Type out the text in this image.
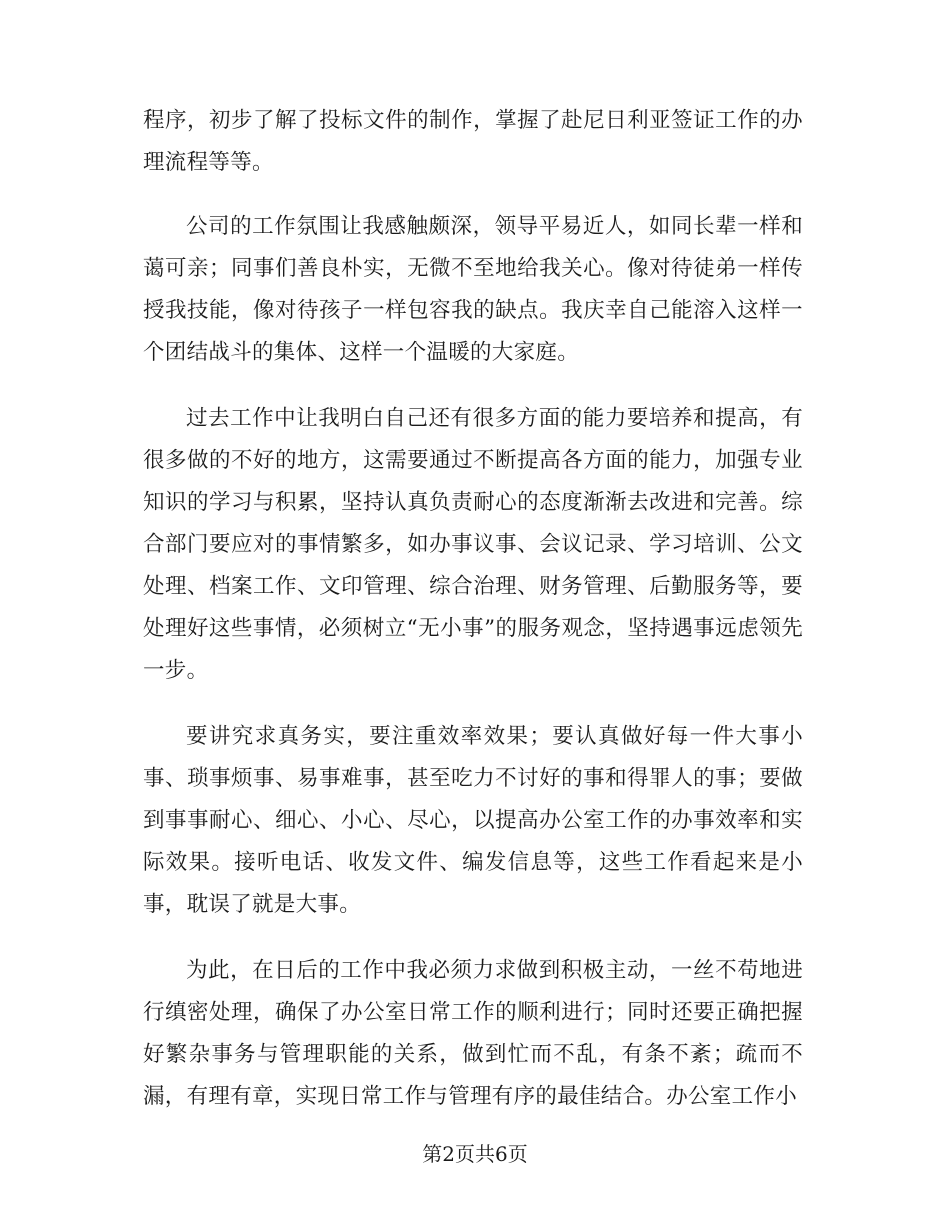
程序，初步了解了投标文件的制作，掌握了赴尼日利亚签证工作的办理流程等等。

公司的工作氛围让我感触颇深，领导平易近人，如同长辈一样和蔼可亲；同事们善良朴实，无微不至地给我关心。像对待徒弟一样传授我技能，像对待孩子一样包容我的缺点。我庆幸自己能溶入这样一个团结战斗的集体、这样一个温暖的大家庭。

过去工作中让我明白自己还有很多方面的能力要培养和提高，有很多做的不好的地方，这需要通过不断提高各方面的能力，加强专业知识的学习与积累，坚持认真负责耐心的态度渐渐去改进和完善。综合部门要应对的事情繁多，如办事议事、会议记录、学习培训、公文处理、档案工作、文印管理、综合治理、财务管理、后勤服务等，要处理好这些事情，必须树立“无小事”的服务观念，坚持遇事远虑领先一步。

要讲究求真务实，要注重效率效果；要认真做好每一件大事小事、琐事烦事、易事难事，甚至吃力不讨好的事和得罪人的事；要做到事事耐心、细心、小心、尽心，以提高办公室工作的办事效率和实际效果。接听电话、收发文件、编发信息等，这些工作看起来是小事，耽误了就是大事。

为此，在日后的工作中我必须力求做到积极主动，一丝不苟地进行缜密处理，确保了办公室日常工作的顺利进行；同时还要正确把握好繁杂事务与管理职能的关系，做到忙而不乱，有条不紊；疏而不漏，有理有章，实现日常工作与管理有序的最佳结合。办公室工作小

第2页共6页
